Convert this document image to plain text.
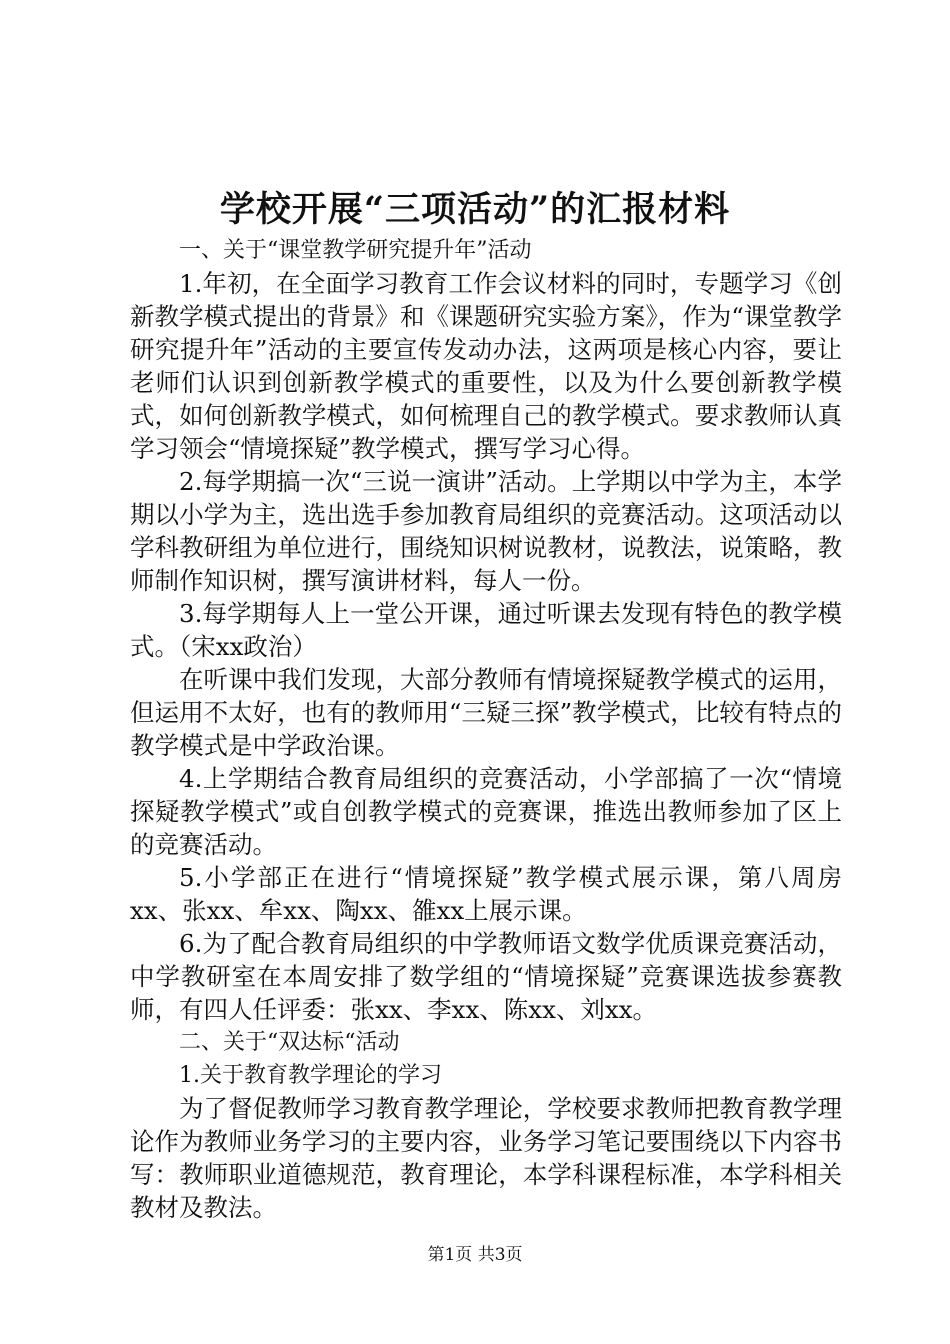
学校开展“三项活动”的汇报材料

一、关于“课堂教学研究提升年”活动

1.年初，在全面学习教育工作会议材料的同时，专题学习《创新教学模式提出的背景》和《课题研究实验方案》，作为“课堂教学研究提升年”活动的主要宣传发动办法，这两项是核心内容，要让老师们认识到创新教学模式的重要性，以及为什么要创新教学模式，如何创新教学模式，如何梳理自己的教学模式。要求教师认真学习领会“情境探疑”教学模式，撰写学习心得。

2.每学期搞一次“三说一演讲”活动。上学期以中学为主，本学期以小学为主，选出选手参加教育局组织的竞赛活动。这项活动以学科教研组为单位进行，围绕知识树说教材，说教法，说策略，教师制作知识树，撰写演讲材料，每人一份。

3.每学期每人上一堂公开课，通过听课去发现有特色的教学模式。（宋xx政治）

在听课中我们发现，大部分教师有情境探疑教学模式的运用，但运用不太好，也有的教师用“三疑三探”教学模式，比较有特点的教学模式是中学政治课。

4.上学期结合教育局组织的竞赛活动，小学部搞了一次“情境探疑教学模式”或自创教学模式的竞赛课，推选出教师参加了区上的竞赛活动。

5.小学部正在进行“情境探疑”教学模式展示课，第八周房xx、张xx、牟xx、陶xx、雒xx上展示课。

6.为了配合教育局组织的中学教师语文数学优质课竞赛活动，中学教研室在本周安排了数学组的“情境探疑”竞赛课选拔参赛教师，有四人任评委：张xx、李xx、陈xx、刘xx。

二、关于“双达标“活动

1.关于教育教学理论的学习

为了督促教师学习教育教学理论，学校要求教师把教育教学理论作为教师业务学习的主要内容，业务学习笔记要围绕以下内容书写：教师职业道德规范，教育理论，本学科课程标准，本学科相关教材及教法。

第1页 共3页
